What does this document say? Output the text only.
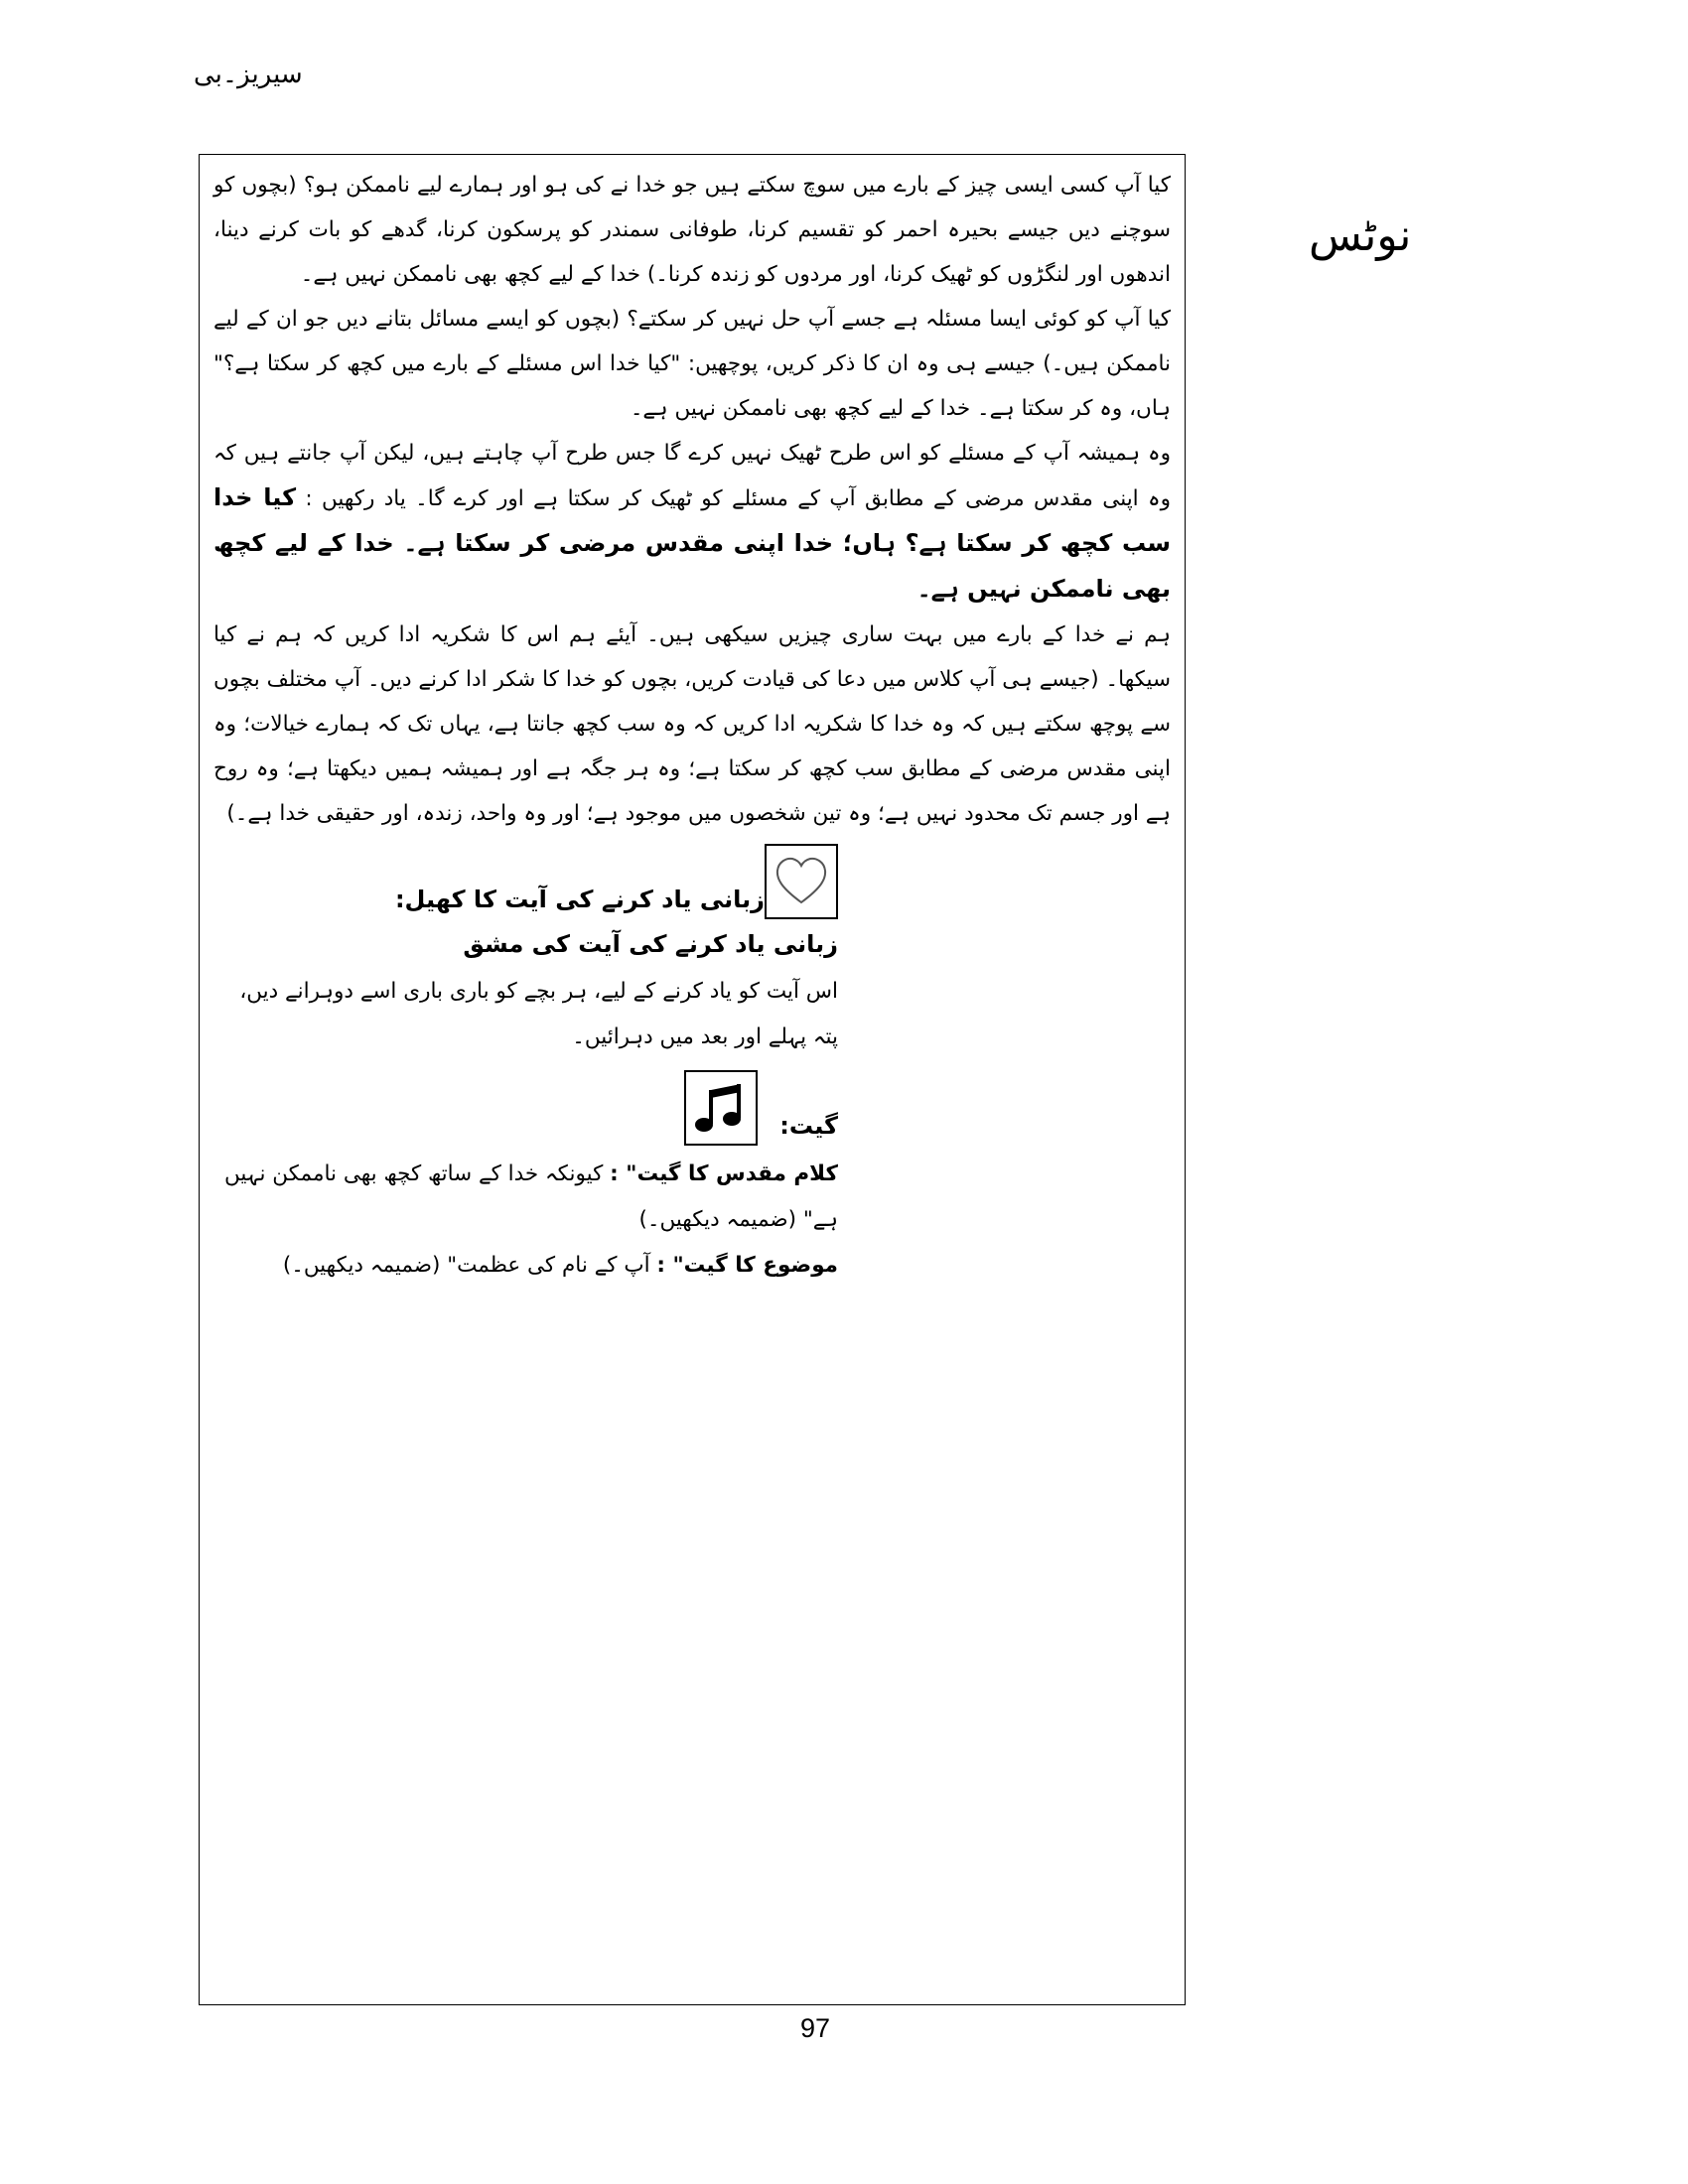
سیریز۔بی
نوٹس

کیا آپ کسی ایسی چیز کے بارے میں سوچ سکتے ہیں جو خدا نے کی ہو اور ہمارے لیے ناممکن ہو؟ (بچوں کو سوچنے دیں جیسے بحیرہ احمر کو تقسیم کرنا، طوفانی سمندر کو پرسکون کرنا، گدھے کو بات کرنے دینا، اندھوں اور لنگڑوں کو ٹھیک کرنا، اور مردوں کو زندہ کرنا۔) خدا کے لیے کچھ بھی ناممکن نہیں ہے۔

کیا آپ کو کوئی ایسا مسئلہ ہے جسے آپ حل نہیں کر سکتے؟ (بچوں کو ایسے مسائل بتانے دیں جو ان کے لیے ناممکن ہیں۔) جیسے ہی وہ ان کا ذکر کریں، پوچھیں: "کیا خدا اس مسئلے کے بارے میں کچھ کر سکتا ہے؟" ہاں، وہ کر سکتا ہے۔ خدا کے لیے کچھ بھی ناممکن نہیں ہے۔

وہ ہمیشہ آپ کے مسئلے کو اس طرح ٹھیک نہیں کرے گا جس طرح آپ چاہتے ہیں، لیکن آپ جانتے ہیں کہ وہ اپنی مقدس مرضی کے مطابق آپ کے مسئلے کو ٹھیک کر سکتا ہے اور کرے گا۔ یاد رکھیں : کیا خدا سب کچھ کر سکتا ہے؟ ہاں؛ خدا اپنی مقدس مرضی کر سکتا ہے۔ خدا کے لیے کچھ بھی ناممکن نہیں ہے۔

ہم نے خدا کے بارے میں بہت ساری چیزیں سیکھی ہیں۔ آیئے ہم اس کا شکریہ ادا کریں کہ ہم نے کیا سیکھا۔ (جیسے ہی آپ کلاس میں دعا کی قیادت کریں، بچوں کو خدا کا شکر ادا کرنے دیں۔ آپ مختلف بچوں سے پوچھ سکتے ہیں کہ وہ خدا کا شکریہ ادا کریں کہ وہ سب کچھ جانتا ہے، یہاں تک کہ ہمارے خیالات؛ وہ اپنی مقدس مرضی کے مطابق سب کچھ کر سکتا ہے؛ وہ ہر جگہ ہے اور ہمیشہ ہمیں دیکھتا ہے؛ وہ روح ہے اور جسم تک محدود نہیں ہے؛ وہ تین شخصوں میں موجود ہے؛ اور وہ واحد، زندہ، اور حقیقی خدا ہے۔)

زبانی یاد کرنے کی آیت کا کھیل:
زبانی یاد کرنے کی آیت کی مشق
اس آیت کو یاد کرنے کے لیے، ہر بچے کو باری باری اسے دوہرانے دیں، پتہ پہلے اور بعد میں دہرائیں۔
گیت:
کلام مقدس کا گیت" : کیونکہ خدا کے ساتھ کچھ بھی ناممکن نہیں ہے" (ضمیمہ دیکھیں۔)
موضوع کا گیت" : آپ کے نام کی عظمت" (ضمیمہ دیکھیں۔)
97
